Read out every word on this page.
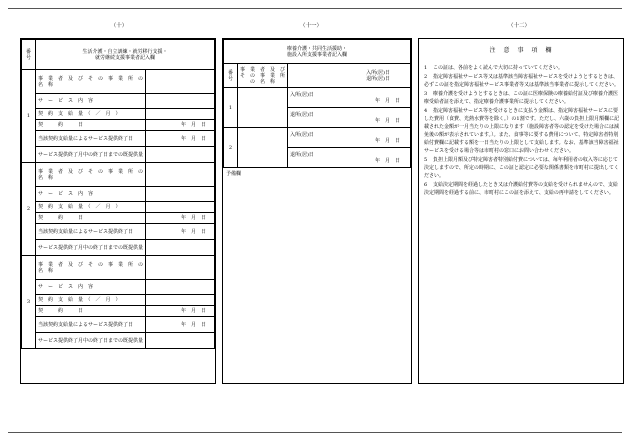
（十）	（十一）	（十二）
番号	生活介護・自立訓練・就労移行支援・
就労継続支援事業者記入欄	

1	事　業　者　及　び　そ　の　事　業　所　の　名　称	
	サ　ー　ビ　ス　内　容	
	契　約　支　給　量　（　／　月　）	
	契　　　約　　　日	年　月　日
	当該契約支給量によるサービス提供終了日	年　月　日
	サービス提供終了月中の終了日までの既提供量	
2	事　業　者　及　び　そ　の　事　業　所　の　名　称	
	サ　ー　ビ　ス　内　容	
	契　約　支　給　量　（　／　月　）	
	契　　　約　　　日	年　月　日
	当該契約支給量によるサービス提供終了日	年　月　日
	サービス提供終了月中の終了日までの既提供量	
3	事　業　者　及　び　そ　の　事　業　所　の　名　称	
	サ　ー　ビ　ス　内　容	
	契　約　支　給　量　（　／　月　）	
	契　　　約　　　日	年　月　日
	当該契約支給量によるサービス提供終了日	年　月　日
	サービス提供終了月中の終了日までの既提供量	
療養介護・共同生活援助・
施設入所支援事業者記入欄		

番号	事　業　者　及　び　そ　の　事　業　所　の　名　称	入所(居)日
退所(居)日

1		入所(居)日
年　月　日

		退所(居)日
年　月　日

2		入所(居)日
年　月　日

		退所(居)日
年　月　日
予備欄
注　意　事　項　欄
1 この証は、各前をよく読んで大切に持っていてください。
2 指定障害福祉サービス等又は基準該当障害福祉サービスを受けようとするときは、必ずこの証を指定障害福祉サービス事業者等又は基準該当事業者に提示してください。
3 療養介護を受けようとするときは、この証に医療保険の療養給付証及び療養介護医療受給者証を添えて、指定療養介護事業所に提示してください。
4 指定障害福祉サービス等を受けるときに支払う金額は、指定障害福祉サービスに要した費用（食費、光熱水費等を除く。）の1割です。ただし、六歳の負担上限月額欄に記載された金額が一月当たりの上限になります（施設障害者等の認定を受けた場合には減免後の額が表示されています。）。また、食事等に要する費用について、特定障害者特別給付費欄に記載する額を一日当たりの上限として支給します。なお、基準該当障害福祉サービスを受ける場合等は市町村の窓口にお問い合わせください。
5 負担上限月額及び特定障害者特別給付費については、毎年利用者の収入等に応じて決定しますので、所定の時期に、この証と認定に必要な関係書類を市町村に提出してください。
6 支給決定期間を経過したとき又は介護給付費等の支給を受けられませんので、支給決定期間を経過する前に、市町村にこの証を添えて、支給の再申請をしてください。
